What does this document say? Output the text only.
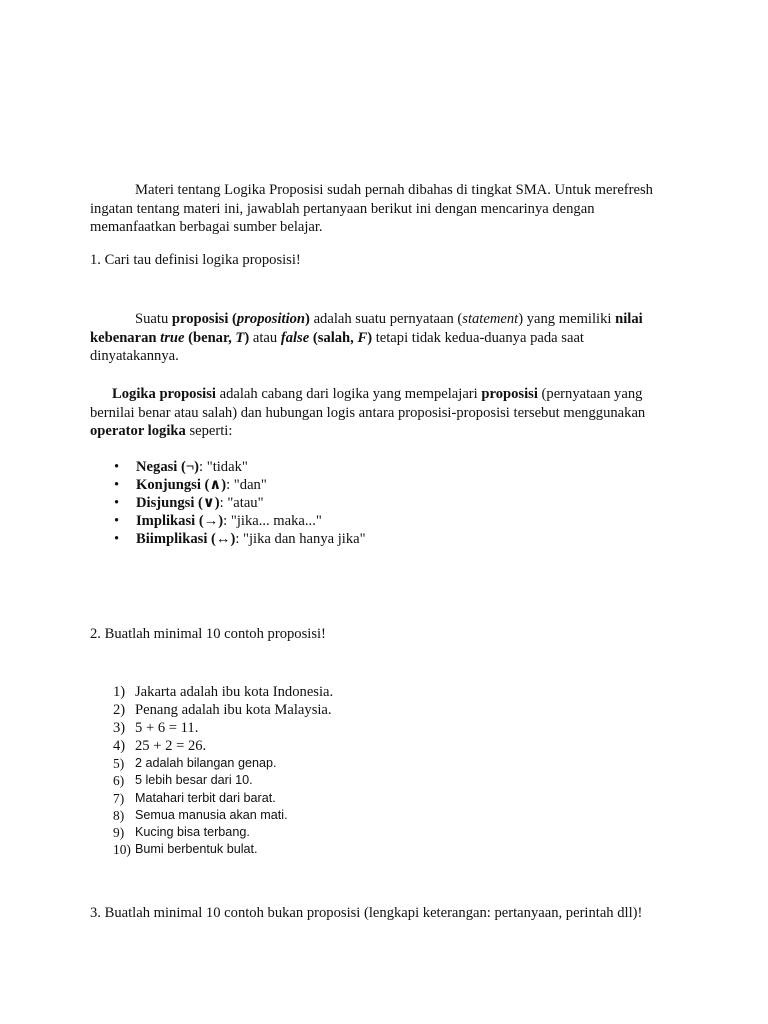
Materi tentang Logika Proposisi sudah pernah dibahas di tingkat SMA. Untuk merefresh ingatan tentang materi ini, jawablah pertanyaan berikut ini dengan mencarinya dengan memanfaatkan berbagai sumber belajar.

1. Cari tau definisi logika proposisi!

Suatu proposisi (proposition) adalah suatu pernyataan (statement) yang memiliki nilai kebenaran true (benar, T) atau false (salah, F) tetapi tidak kedua-duanya pada saat dinyatakannya.

Logika proposisi adalah cabang dari logika yang mempelajari proposisi (pernyataan yang bernilai benar atau salah) dan hubungan logis antara proposisi-proposisi tersebut menggunakan operator logika seperti:

• Negasi (¬): "tidak"
• Konjungsi (∧): "dan"
• Disjungsi (∨): "atau"
• Implikasi (→): "jika... maka..."
• Biimplikasi (↔): "jika dan hanya jika"

2. Buatlah minimal 10 contoh proposisi!

1) Jakarta adalah ibu kota Indonesia.
2) Penang adalah ibu kota Malaysia.
3) 5 + 6 = 11.
4) 25 + 2 = 26.
5) 2 adalah bilangan genap.
6) 5 lebih besar dari 10.
7) Matahari terbit dari barat.
8) Semua manusia akan mati.
9) Kucing bisa terbang.
10) Bumi berbentuk bulat.

3. Buatlah minimal 10 contoh bukan proposisi (lengkapi keterangan: pertanyaan, perintah dll)!
